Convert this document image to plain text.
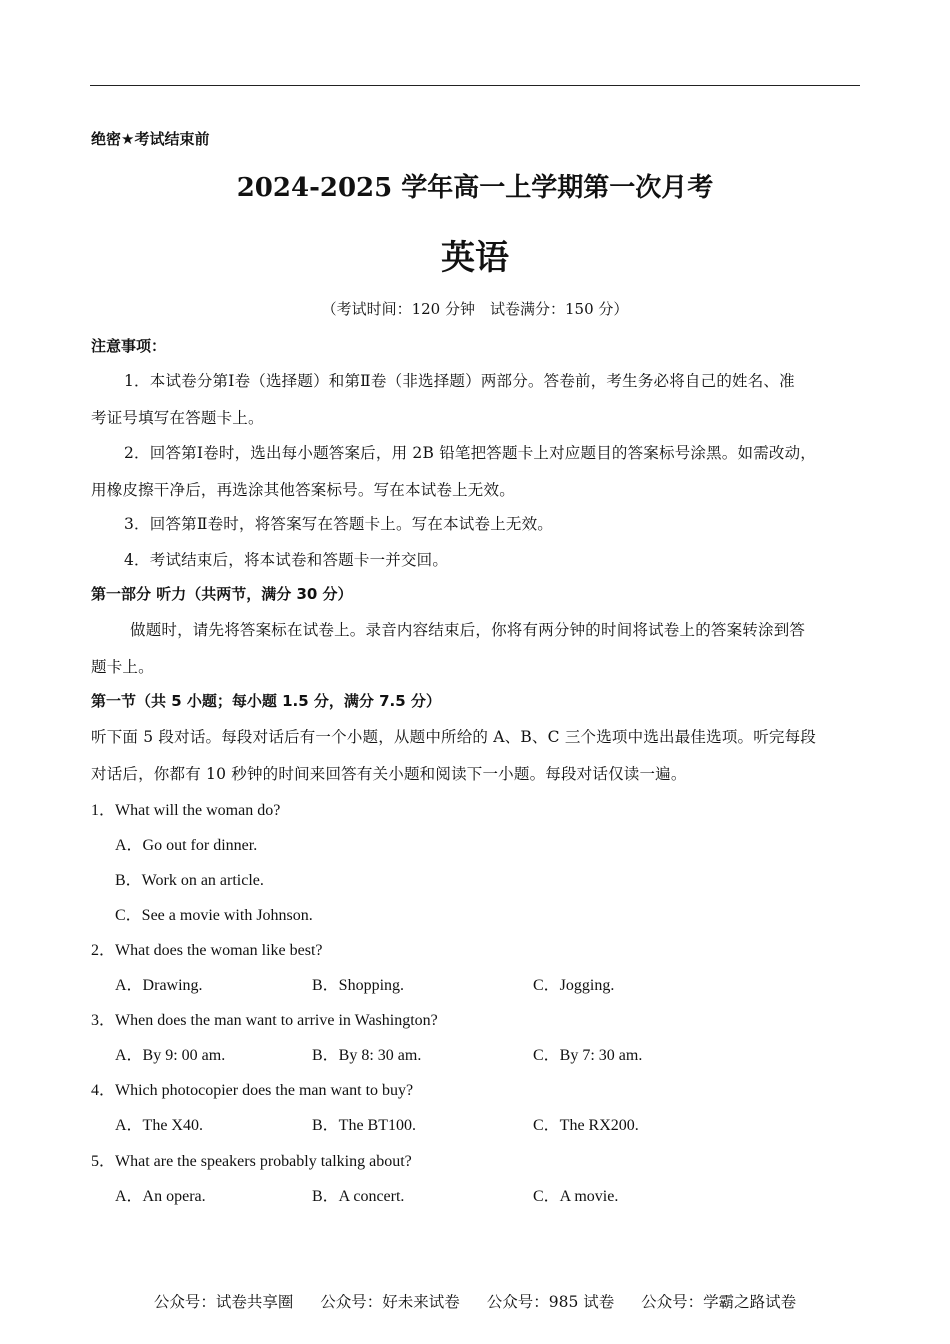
绝密★考试结束前
2024-2025 学年高一上学期第一次月考
英语
（考试时间：120 分钟　试卷满分：150 分）
注意事项：
1．本试卷分第Ⅰ卷（选择题）和第Ⅱ卷（非选择题）两部分。答卷前，考生务必将自己的姓名、准
考证号填写在答题卡上。
2．回答第Ⅰ卷时，选出每小题答案后，用 2B 铅笔把答题卡上对应题目的答案标号涂黑。如需改动，
用橡皮擦干净后，再选涂其他答案标号。写在本试卷上无效。
3．回答第Ⅱ卷时，将答案写在答题卡上。写在本试卷上无效。
4．考试结束后，将本试卷和答题卡一并交回。
第一部分 听力（共两节，满分 30 分）
做题时，请先将答案标在试卷上。录音内容结束后，你将有两分钟的时间将试卷上的答案转涂到答
题卡上。
第一节（共 5 小题；每小题 1.5 分，满分 7.5 分）
听下面 5 段对话。每段对话后有一个小题，从题中所给的 A、B、C 三个选项中选出最佳选项。听完每段
对话后，你都有 10 秒钟的时间来回答有关小题和阅读下一小题。每段对话仅读一遍。
1．What will the woman do?
A．Go out for dinner.
B．Work on an article.
C．See a movie with Johnson.
2．What does the woman like best?
A．Drawing.	B．Shopping.	C．Jogging.
3．When does the man want to arrive in Washington?
A．By 9: 00 am.	B．By 8: 30 am.	C．By 7: 30 am.
4．Which photocopier does the man want to buy?
A．The X40.	B．The BT100.	C．The RX200.
5．What are the speakers probably talking about?
A．An opera.	B．A concert.	C．A movie.
公众号：试卷共享圈 公众号：好未来试卷 公众号：985 试卷 公众号：学霸之路试卷
